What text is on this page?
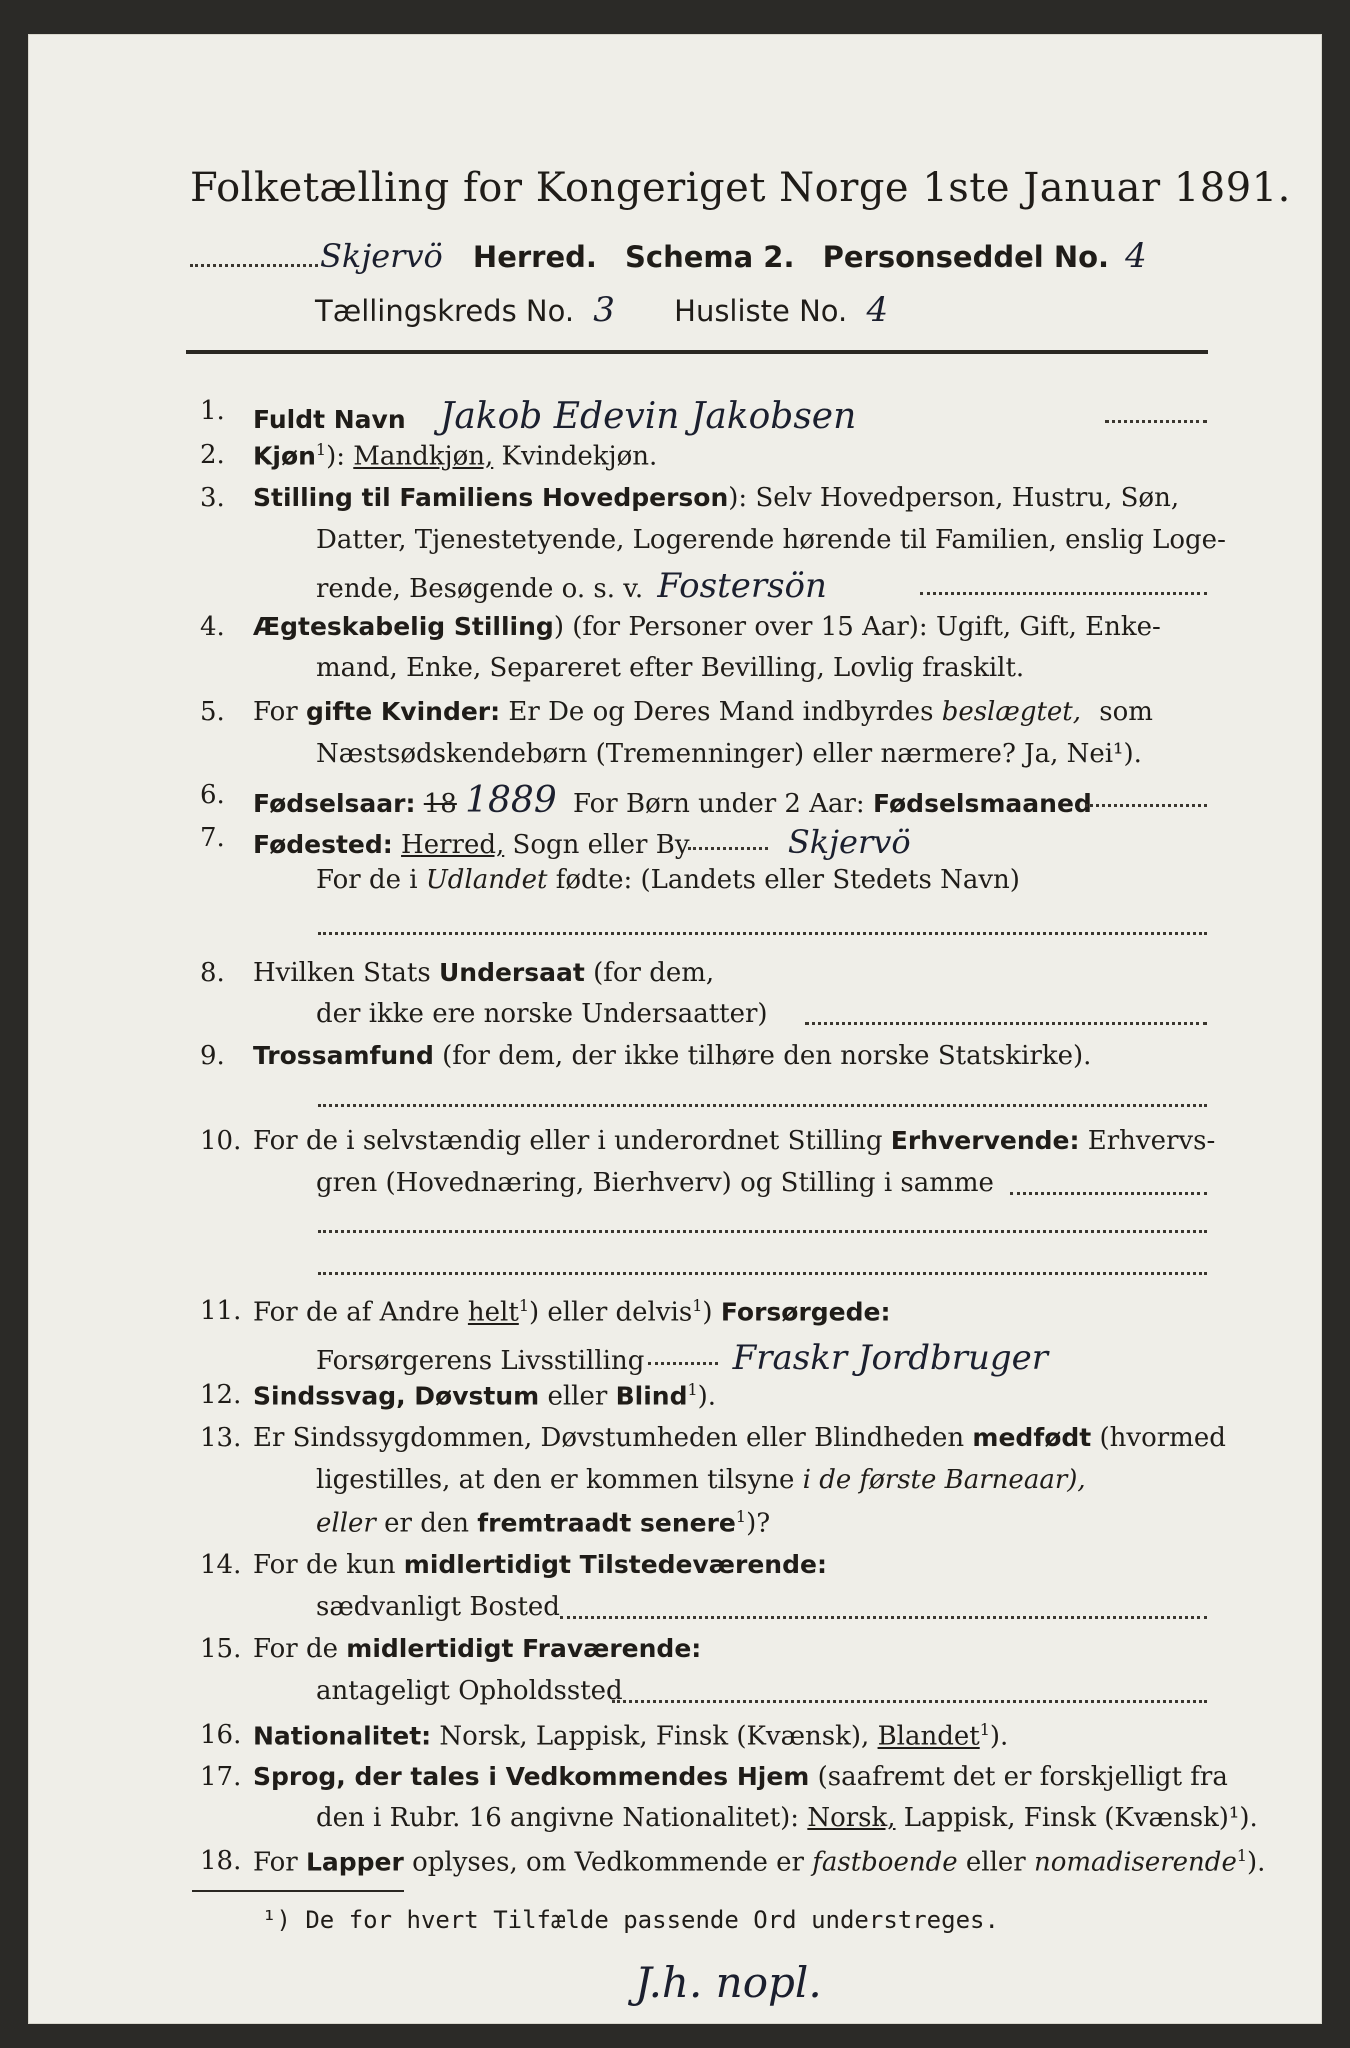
Folketælling for Kongeriget Norge 1ste Januar 1891.
Skjervö Herred. Schema 2. Personseddel No. 4
Tællingskreds No. 3 Husliste No. 4
1.	Fuldt Navn Jakob Edevin Jakobsen
2.	Kjøn$^1$): Mandkjøn, Kvindekjøn.
3.	Stilling til Familiens Hovedperson): Selv Hovedperson, Hustru, Søn,
Datter, Tjenestetyende, Logerende hørende til Familien, enslig Loge-
rende, Besøgende o. s. v. Fostersön
4.	Ægteskabelig Stilling) (for Personer over 15 Aar): Ugift, Gift, Enke-
mand, Enke, Separeret efter Bevilling, Lovlig fraskilt.
5.	For gifte Kvinder: Er De og Deres Mand indbyrdes beslægtet, som
Næstsødskendebørn (Tremenninger) eller nærmere? Ja, Nei¹).
6.	Fødselsaar: 18 1889 For Børn under 2 Aar: Fødselsmaaned
7.	Fødested: Herred, Sogn eller By	Skjervö
For de i Udlandet fødte: (Landets eller Stedets Navn)
8.	Hvilken Stats Undersaat (for dem,
der ikke ere norske Undersaatter)
9.	Trossamfund (for dem, der ikke tilhøre den norske Statskirke).
10. For de i selvstændig eller i underordnet Stilling Erhvervende: Erhvervs-
gren (Hovednæring, Bierhverv) og Stilling i samme
11. For de af Andre helt$^1$) eller delvis$^1$) Forsørgede:
Forsørgerens Livsstilling	Fraskr Jordbruger
12. Sindssvag, Døvstum eller Blind$^1$).
13. Er Sindssygdommen, Døvstumheden eller Blindheden medfødt (hvormed
ligestilles, at den er kommen tilsyne i de første Barneaar),
eller er den fremtraadt senere$^1$)?
14. For de kun midlertidigt Tilstedeværende:
sædvanligt Bosted
15. For de midlertidigt Fraværende:
antageligt Opholdssted
16. Nationalitet: Norsk, Lappisk, Finsk (Kvænsk), Blandet$^1$).
17. Sprog, der tales i Vedkommendes Hjem (saafremt det er forskjelligt fra
den i Rubr. 16 angivne Nationalitet): Norsk, Lappisk, Finsk (Kvænsk)¹).
18. For Lapper oplyses, om Vedkommende er fastboende eller nomadiserende$^1$).
¹) De for hvert Tilfælde passende Ord understreges.
J.h. nopl.
